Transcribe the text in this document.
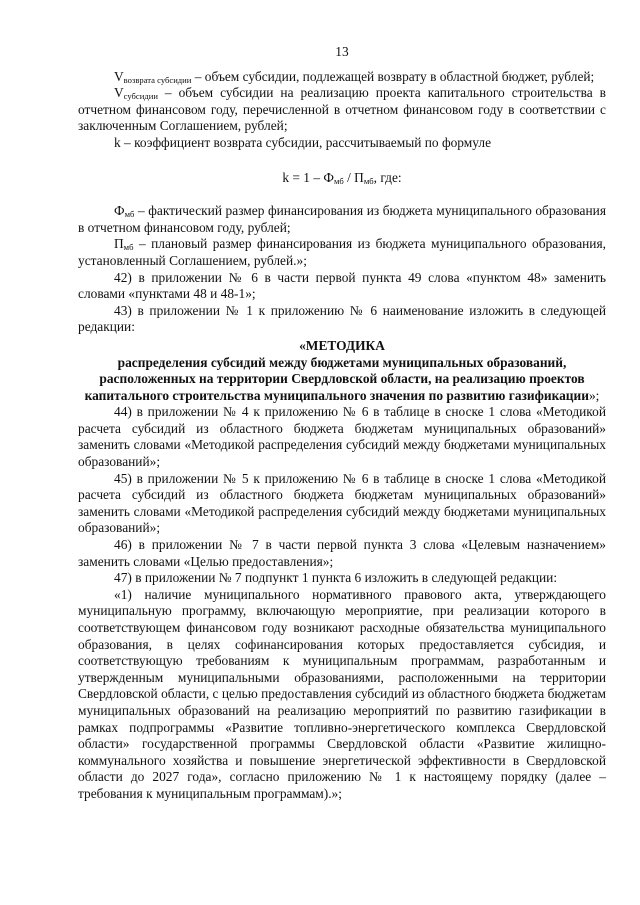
13

$V_{возврата субсидии}$ – объем субсидии, подлежащей возврату в областной бюджет, рублей;

$V_{субсидии}$ – объем субсидии на реализацию проекта капитального строительства в отчетном финансовом году, перечисленной в отчетном финансовом году в соответствии с заключенным Соглашением, рублей;

k – коэффициент возврата субсидии, рассчитываемый по формуле

$k = 1 - Ф_{мб} / П_{мб}$, где:

$Ф_{мб}$ – фактический размер финансирования из бюджета муниципального образования в отчетном финансовом году, рублей;

$П_{мб}$ – плановый размер финансирования из бюджета муниципального образования, установленный Соглашением, рублей.»;

42) в приложении № 6 в части первой пункта 49 слова «пунктом 48» заменить словами «пунктами 48 и 48-1»;

43) в приложении № 1 к приложению № 6 наименование изложить в следующей редакции:

«МЕТОДИКА

распределения субсидий между бюджетами муниципальных образований, расположенных на территории Свердловской области, на реализацию проектов капитального строительства муниципального значения по развитию газификации»;

44) в приложении № 4 к приложению № 6 в таблице в сноске 1 слова «Методикой расчета субсидий из областного бюджета бюджетам муниципальных образований» заменить словами «Методикой распределения субсидий между бюджетами муниципальных образований»;

45) в приложении № 5 к приложению № 6 в таблице в сноске 1 слова «Методикой расчета субсидий из областного бюджета бюджетам муниципальных образований» заменить словами «Методикой распределения субсидий между бюджетами муниципальных образований»;

46) в приложении № 7 в части первой пункта 3 слова «Целевым назначением» заменить словами «Целью предоставления»;

47) в приложении № 7 подпункт 1 пункта 6 изложить в следующей редакции:

«1) наличие муниципального нормативного правового акта, утверждающего муниципальную программу, включающую мероприятие, при реализации которого в соответствующем финансовом году возникают расходные обязательства муниципального образования, в целях софинансирования которых предоставляется субсидия, и соответствующую требованиям к муниципальным программам, разработанным и утвержденным муниципальными образованиями, расположенными на территории Свердловской области, с целью предоставления субсидий из областного бюджета бюджетам муниципальных образований на реализацию мероприятий по развитию газификации в рамках подпрограммы «Развитие топливно-энергетического комплекса Свердловской области» государственной программы Свердловской области «Развитие жилищно-коммунального хозяйства и повышение энергетической эффективности в Свердловской области до 2027 года», согласно приложению № 1 к настоящему порядку (далее – требования к муниципальным программам).»;
